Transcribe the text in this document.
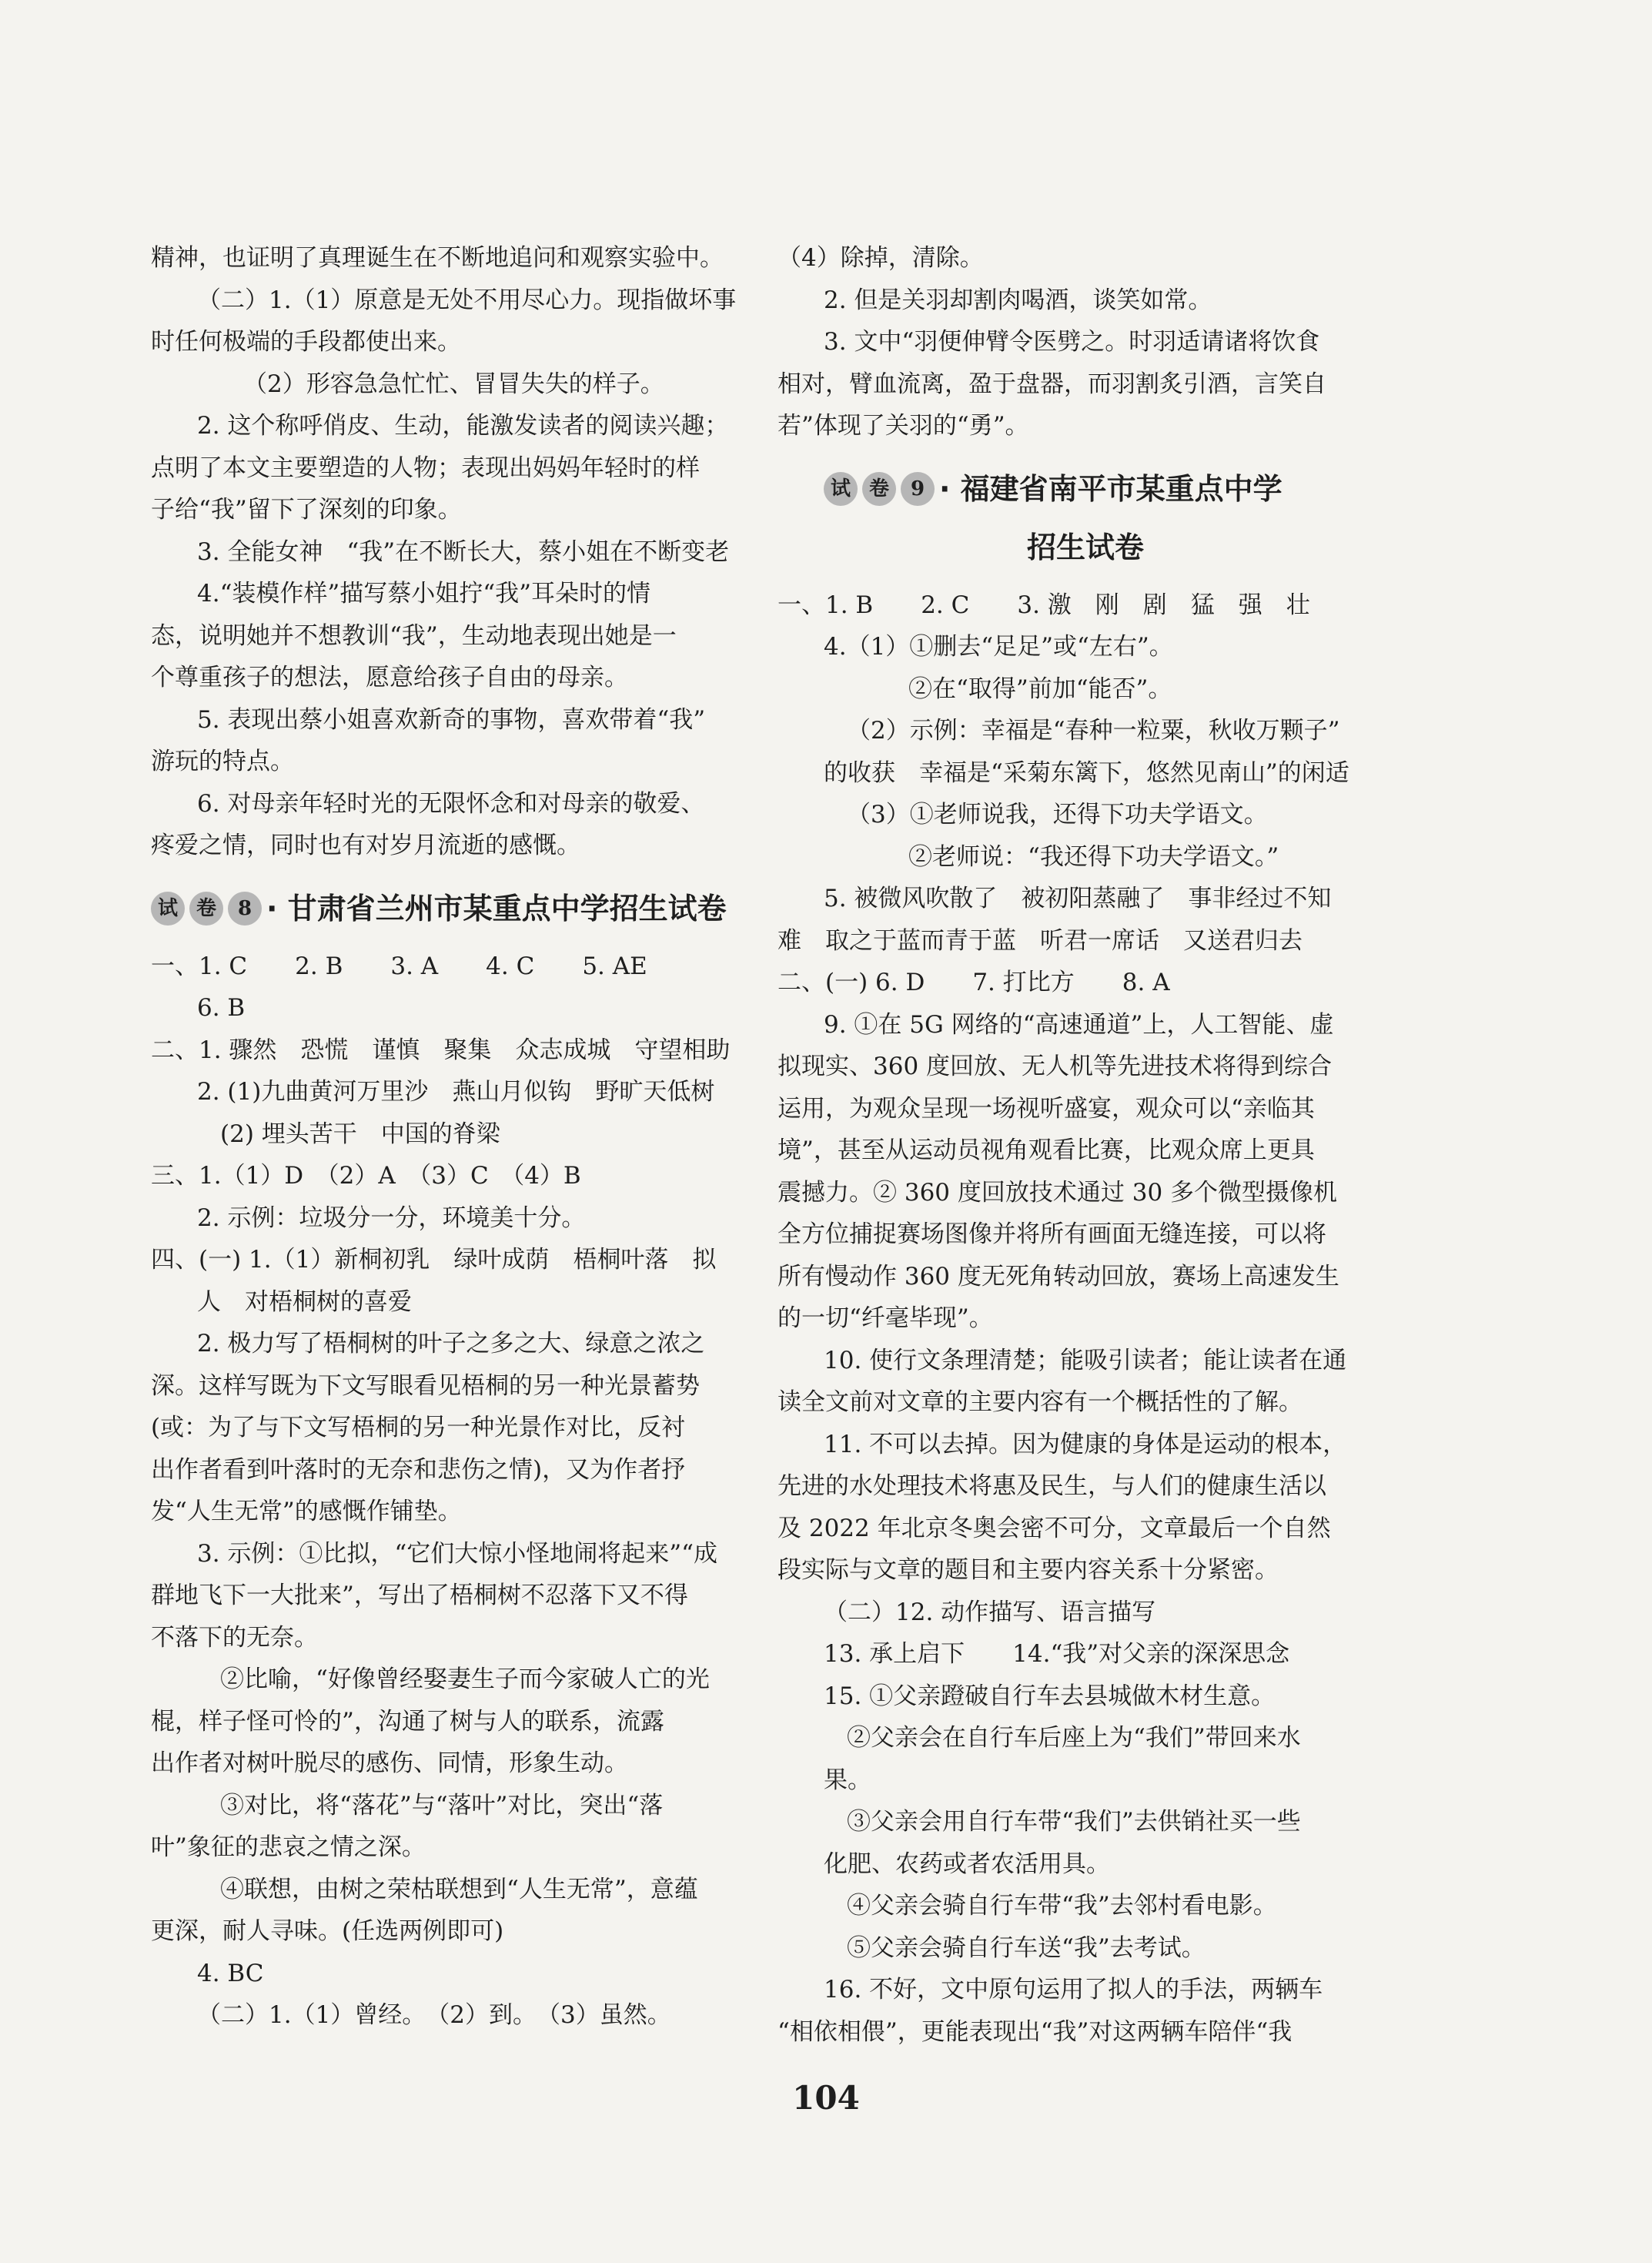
精神，也证明了真理诞生在不断地追问和观察实验中。
（二）1.（1）原意是无处不用尽心力。现指做坏事
时任何极端的手段都使出来。
（2）形容急急忙忙、冒冒失失的样子。
2. 这个称呼俏皮、生动，能激发读者的阅读兴趣；
点明了本文主要塑造的人物；表现出妈妈年轻时的样
子给“我”留下了深刻的印象。
3. 全能女神　“我”在不断长大，蔡小姐在不断变老
4.“装模作样”描写蔡小姐拧“我”耳朵时的情
态，说明她并不想教训“我”，生动地表现出她是一
个尊重孩子的想法，愿意给孩子自由的母亲。
5. 表现出蔡小姐喜欢新奇的事物，喜欢带着“我”
游玩的特点。
6. 对母亲年轻时光的无限怀念和对母亲的敬爱、
疼爱之情，同时也有对岁月流逝的感慨。
试 卷	8 · 甘肃省兰州市某重点中学招生试卷
一、1. C　　2. B　　3. A　　4. C　　5. AE
6. B
二、1. 骤然　恐慌　谨慎　聚集　众志成城　守望相助
2. (1)九曲黄河万里沙　燕山月似钩　野旷天低树
(2) 埋头苦干　中国的脊梁
三、1.（1）D　（2）A　（3）C　（4）B
2. 示例：垃圾分一分，环境美十分。
四、(一) 1.（1）新桐初乳　绿叶成荫　梧桐叶落　拟
人　对梧桐树的喜爱
2. 极力写了梧桐树的叶子之多之大、绿意之浓之
深。这样写既为下文写眼看见梧桐的另一种光景蓄势
(或：为了与下文写梧桐的另一种光景作对比，反衬
出作者看到叶落时的无奈和悲伤之情)，又为作者抒
发“人生无常”的感慨作铺垫。
3. 示例：①比拟，“它们大惊小怪地闹将起来”“成
群地飞下一大批来”，写出了梧桐树不忍落下又不得
不落下的无奈。
②比喻，“好像曾经娶妻生子而今家破人亡的光
棍，样子怪可怜的”，沟通了树与人的联系，流露
出作者对树叶脱尽的感伤、同情，形象生动。
③对比，将“落花”与“落叶”对比，突出“落
叶”象征的悲哀之情之深。
④联想，由树之荣枯联想到“人生无常”，意蕴
更深，耐人寻味。(任选两例即可)
4. BC
（二）1.（1）曾经。　（2）到。　（3）虽然。
（4）除掉，清除。
2. 但是关羽却割肉喝酒，谈笑如常。
3. 文中“羽便伸臂令医劈之。时羽适请诸将饮食
相对，臂血流离，盈于盘器，而羽割炙引酒，言笑自
若”体现了关羽的“勇”。
试 卷	9 · 福建省南平市某重点中学
招生试卷
一、1. B　　2. C　　3. 激　刚　剧　猛　强　壮
4.（1）①删去“足足”或“左右”。
②在“取得”前加“能否”。
（2）示例：幸福是“春种一粒粟，秋收万颗子”
的收获　幸福是“采菊东篱下，悠然见南山”的闲适
（3）①老师说我，还得下功夫学语文。
②老师说：“我还得下功夫学语文。”
5. 被微风吹散了　被初阳蒸融了　事非经过不知
难　取之于蓝而青于蓝　听君一席话　又送君归去
二、(一) 6. D　　7. 打比方　　8. A
9. ①在 5G 网络的“高速通道”上，人工智能、虚
拟现实、360 度回放、无人机等先进技术将得到综合
运用，为观众呈现一场视听盛宴，观众可以“亲临其
境”，甚至从运动员视角观看比赛，比观众席上更具
震撼力。② 360 度回放技术通过 30 多个微型摄像机
全方位捕捉赛场图像并将所有画面无缝连接，可以将
所有慢动作 360 度无死角转动回放，赛场上高速发生
的一切“纤毫毕现”。
10. 使行文条理清楚；能吸引读者；能让读者在通
读全文前对文章的主要内容有一个概括性的了解。
11. 不可以去掉。因为健康的身体是运动的根本，
先进的水处理技术将惠及民生，与人们的健康生活以
及 2022 年北京冬奥会密不可分，文章最后一个自然
段实际与文章的题目和主要内容关系十分紧密。
（二）12. 动作描写、语言描写
13. 承上启下　　14.“我”对父亲的深深思念
15. ①父亲蹬破自行车去县城做木材生意。
②父亲会在自行车后座上为“我们”带回来水
果。
③父亲会用自行车带“我们”去供销社买一些
化肥、农药或者农活用具。
④父亲会骑自行车带“我”去邻村看电影。
⑤父亲会骑自行车送“我”去考试。
16. 不好，文中原句运用了拟人的手法，两辆车
“相依相偎”，更能表现出“我”对这两辆车陪伴“我
104
